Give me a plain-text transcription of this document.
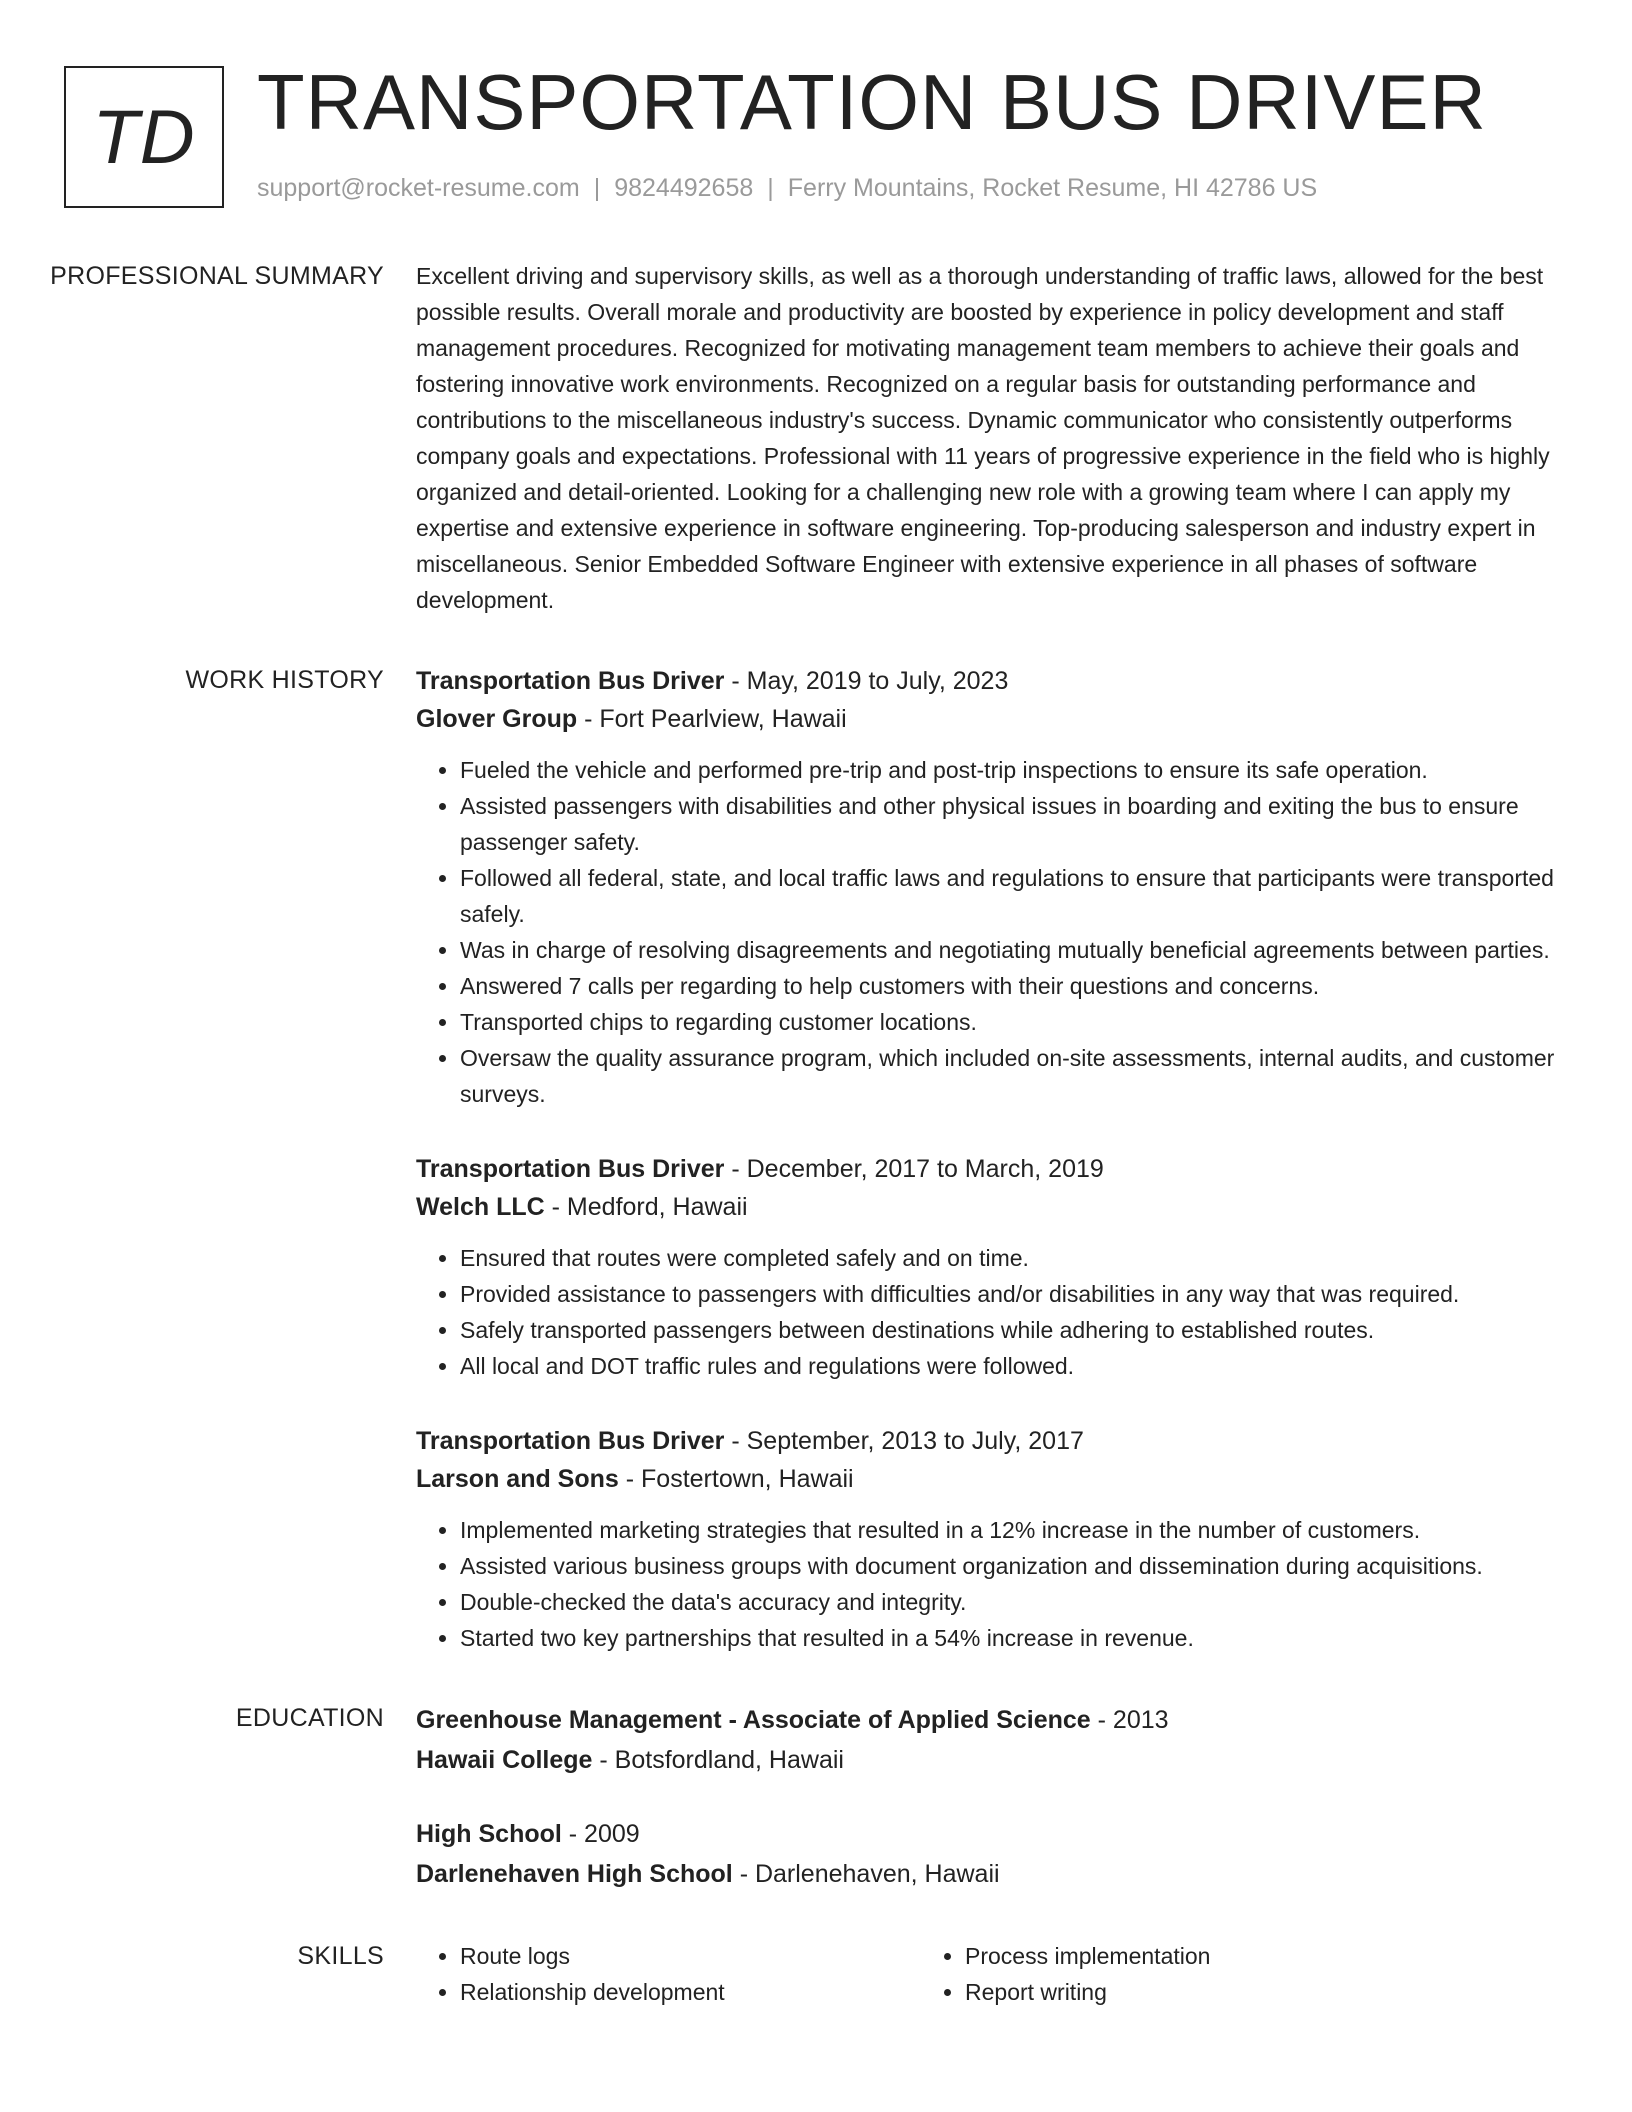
TD TRANSPORTATION BUS DRIVER
support@rocket-resume.com | 9824492658 | Ferry Mountains, Rocket Resume, HI 42786 US
PROFESSIONAL SUMMARY	Excellent driving and supervisory skills, as well as a thorough understanding of traffic laws, allowed for the best possible results. Overall morale and productivity are boosted by experience in policy development and staff management procedures. Recognized for motivating management team members to achieve their goals and fostering innovative work environments. Recognized on a regular basis for outstanding performance and contributions to the miscellaneous industry's success. Dynamic communicator who consistently outperforms company goals and expectations. Professional with 11 years of progressive experience in the field who is highly organized and detail-oriented. Looking for a challenging new role with a growing team where I can apply my expertise and extensive experience in software engineering. Top-producing salesperson and industry expert in miscellaneous. Senior Embedded Software Engineer with extensive experience in all phases of software development.

WORK HISTORY	Transportation Bus Driver - May, 2019 to July, 2023
Glover Group - Fort Pearlview, Hawaii
• Fueled the vehicle and performed pre-trip and post-trip inspections to ensure its safe operation.
• Assisted passengers with disabilities and other physical issues in boarding and exiting the bus to ensure passenger safety.
• Followed all federal, state, and local traffic laws and regulations to ensure that participants were transported safely.
• Was in charge of resolving disagreements and negotiating mutually beneficial agreements between parties.
• Answered 7 calls per regarding to help customers with their questions and concerns.
• Transported chips to regarding customer locations.
• Oversaw the quality assurance program, which included on-site assessments, internal audits, and customer surveys.
Transportation Bus Driver - December, 2017 to March, 2019
Welch LLC - Medford, Hawaii
• Ensured that routes were completed safely and on time.
• Provided assistance to passengers with difficulties and/or disabilities in any way that was required.
• Safely transported passengers between destinations while adhering to established routes.
• All local and DOT traffic rules and regulations were followed.
Transportation Bus Driver - September, 2013 to July, 2017
Larson and Sons - Fostertown, Hawaii
• Implemented marketing strategies that resulted in a 12% increase in the number of customers.
• Assisted various business groups with document organization and dissemination during acquisitions.
• Double-checked the data's accuracy and integrity.
• Started two key partnerships that resulted in a 54% increase in revenue.
EDUCATION	Greenhouse Management - Associate of Applied Science - 2013
Hawaii College - Botsfordland, Hawaii
High School - 2009
Darlenehaven High School - Darlenehaven, Hawaii
SKILLS
•	Route logs
• Relationship development
• Process implementation
• Report writing
